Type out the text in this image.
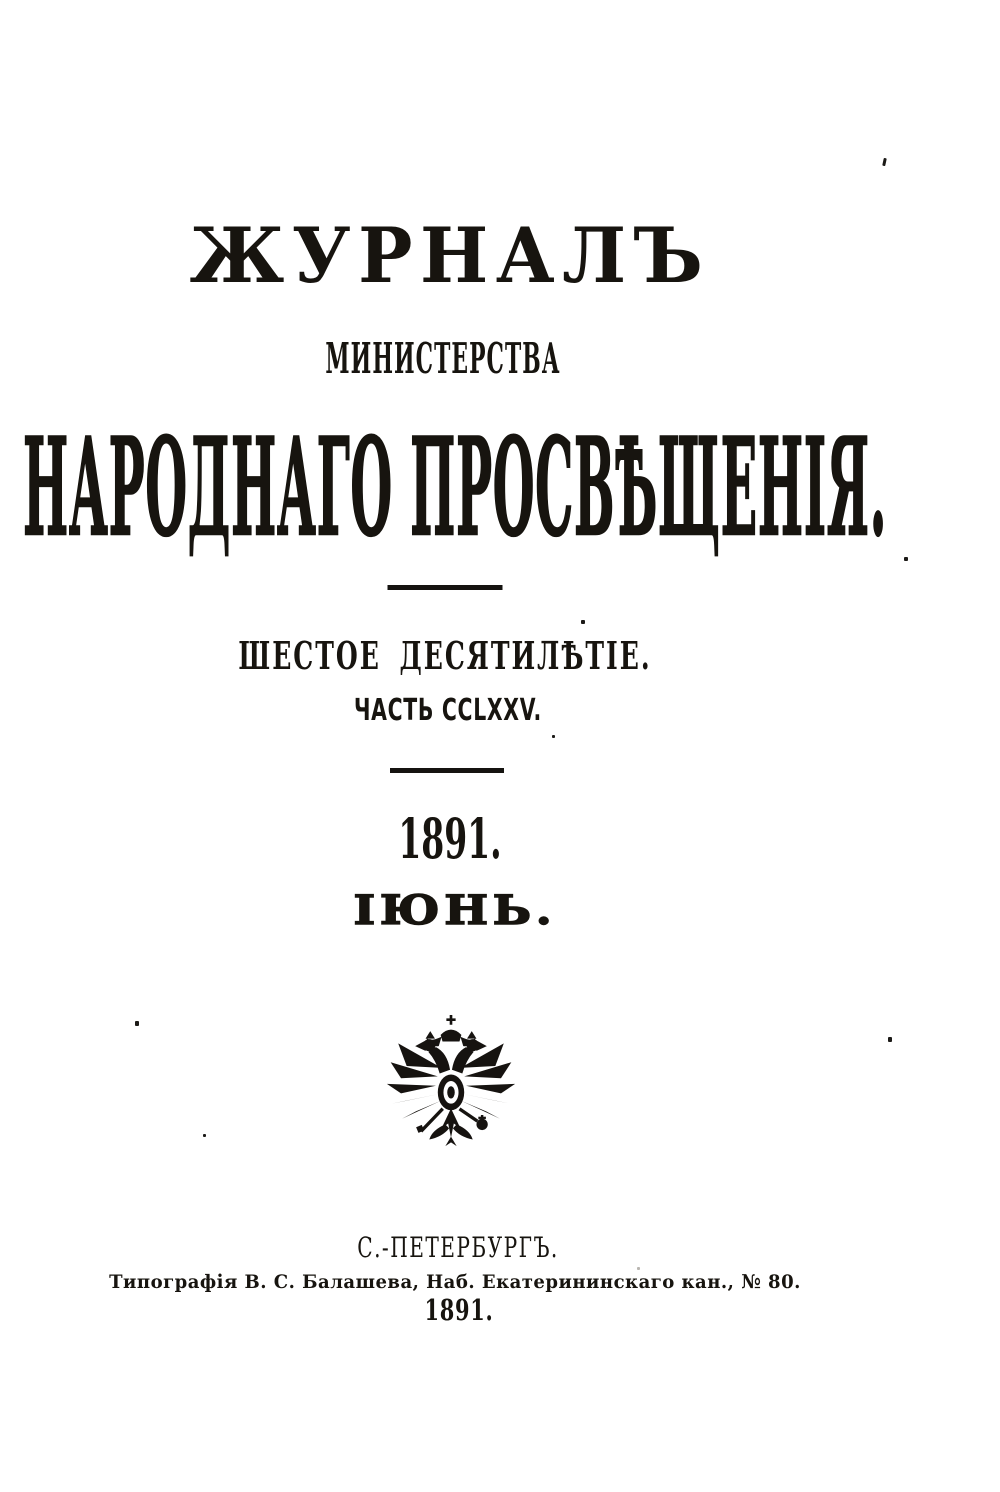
ЖУРНАЛЪ
МИНИСТЕРСТВА
НАРОДНАГО ПРОСВѢЩЕНІЯ.
ШЕСТОЕ ДЕСЯТИЛѢТІЕ.
ЧАСТЬ CCLXXV.
1891.
ІЮНЬ.
С.-ПЕТЕРБУРГЪ.
Типографія В. С. Балашева, Наб. Екатерининскаго кан., № 80.
1891.
